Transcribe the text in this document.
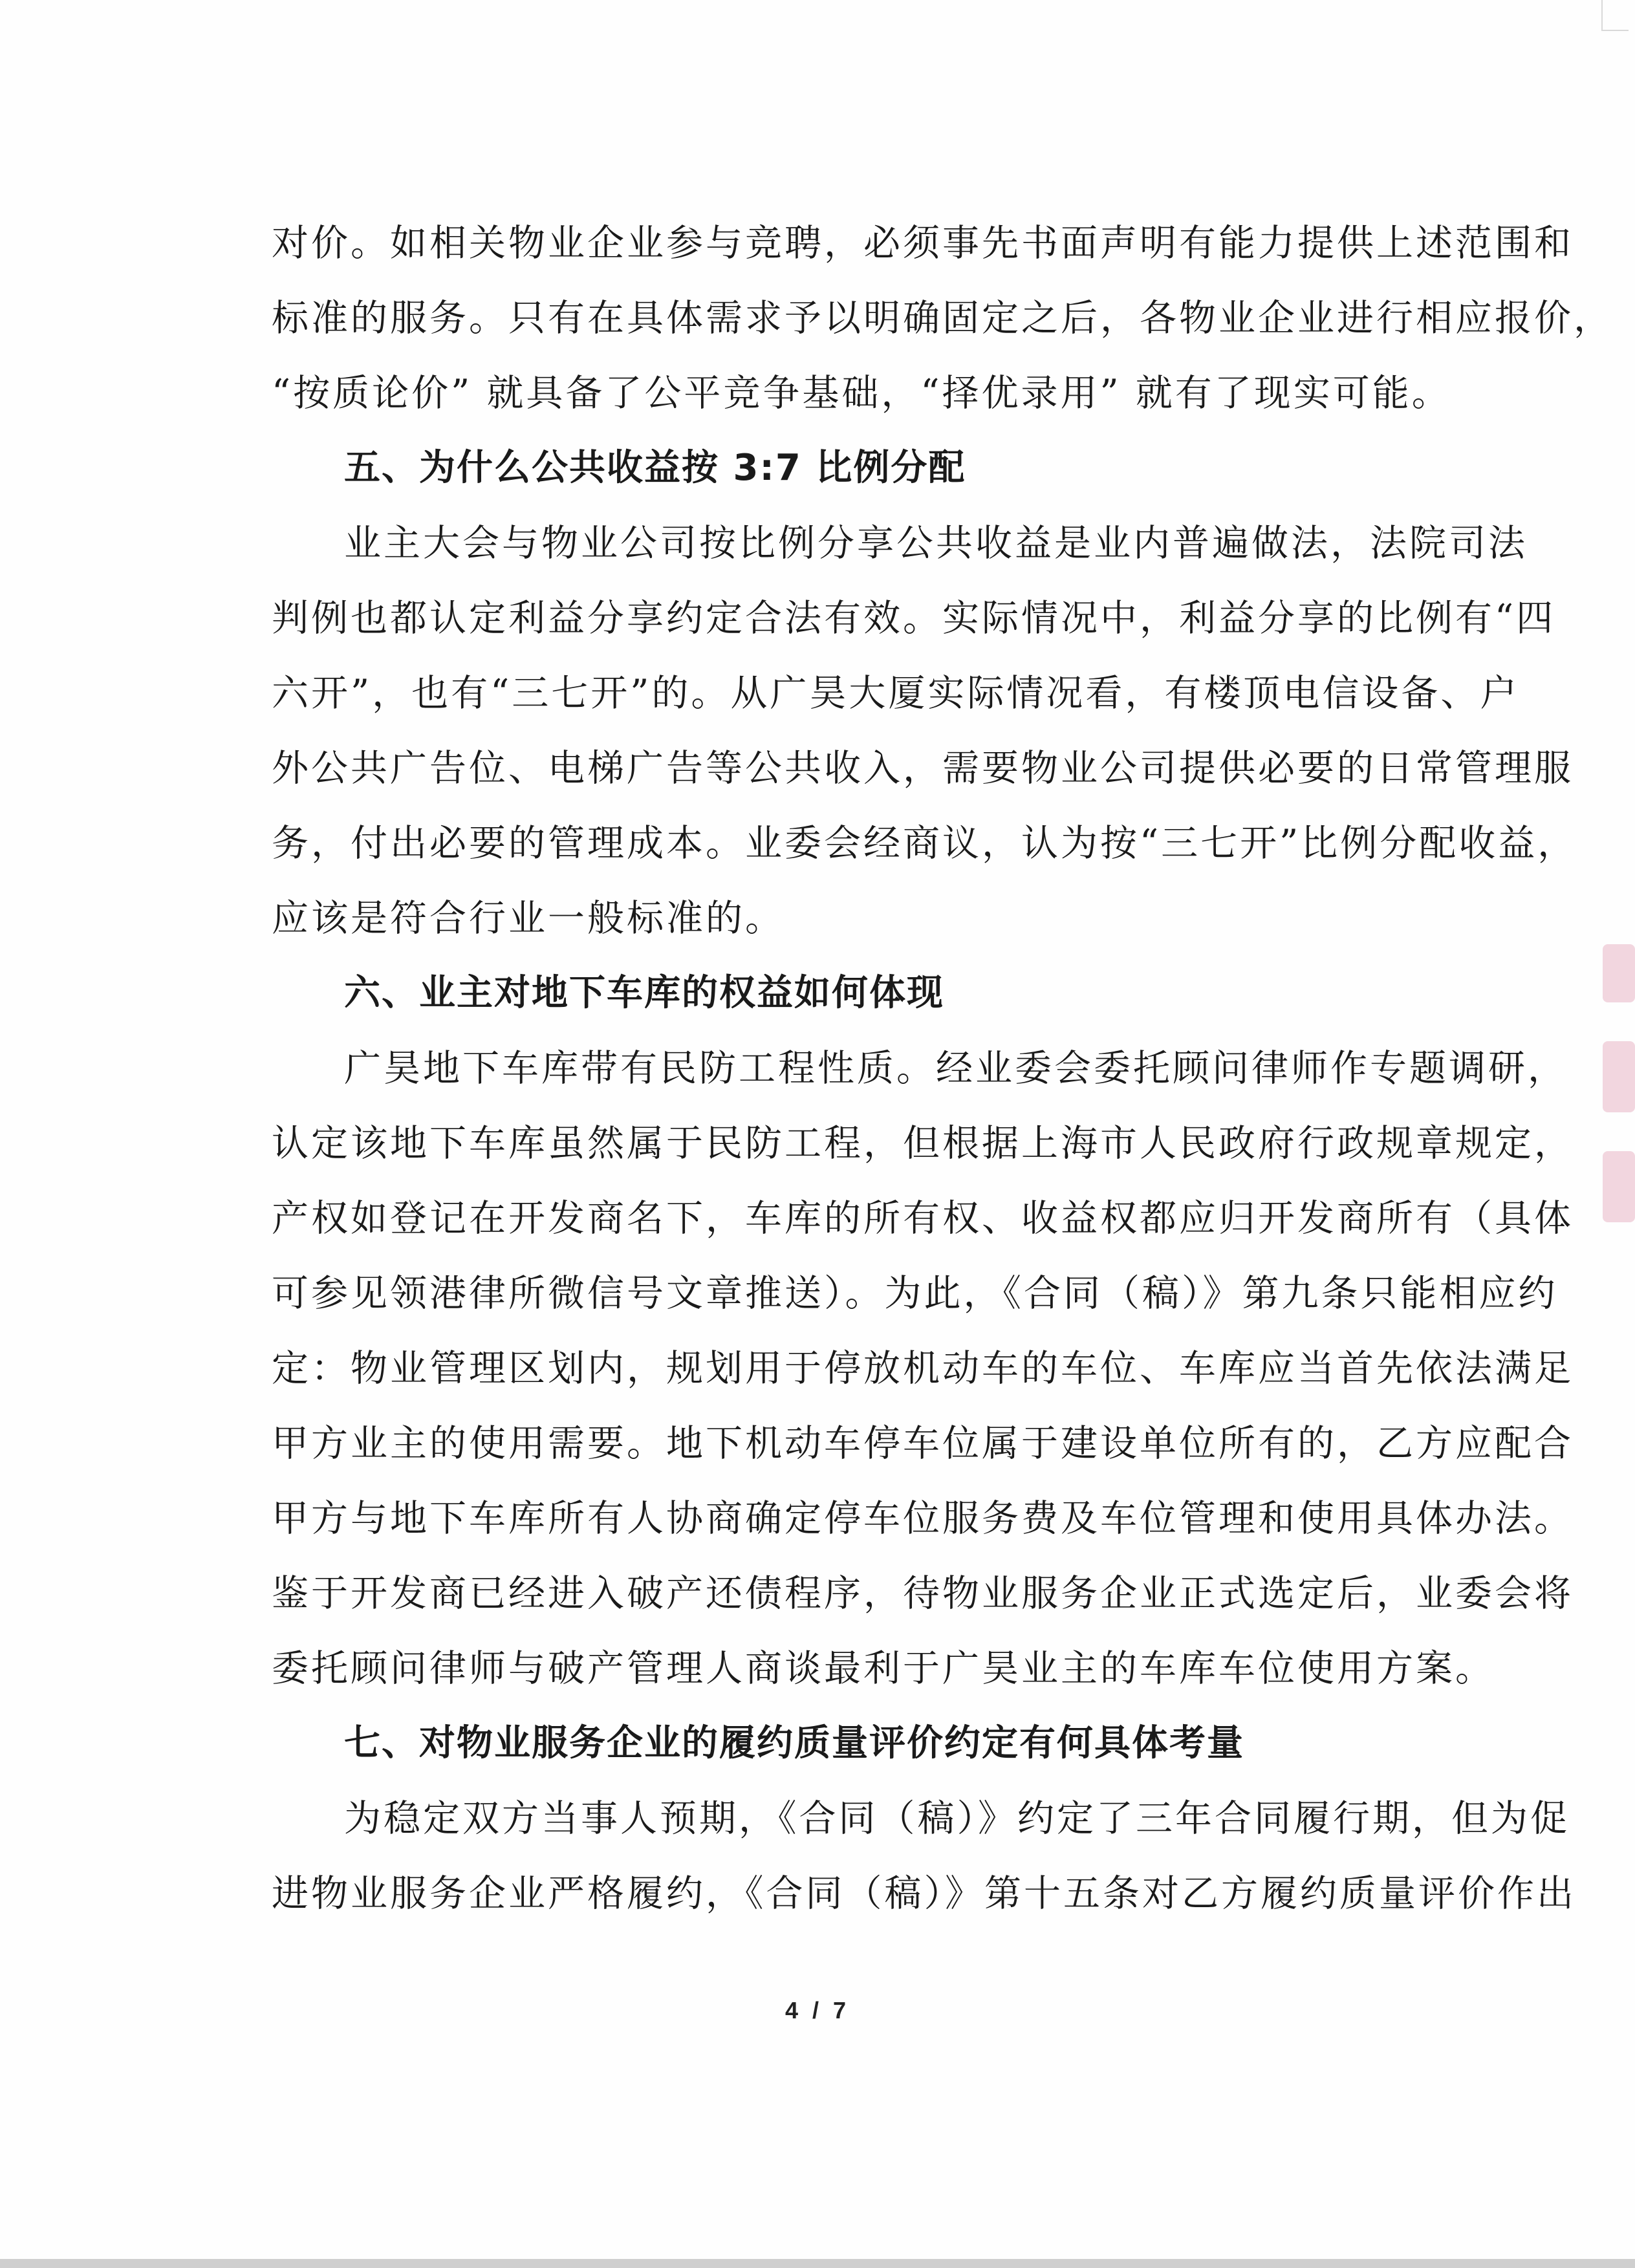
对价。如相关物业企业参与竞聘，必须事先书面声明有能力提供上述范围和
标准的服务。只有在具体需求予以明确固定之后，各物业企业进行相应报价，
“按质论价” 就具备了公平竞争基础，“择优录用” 就有了现实可能。
五、为什么公共收益按 3:7 比例分配
业主大会与物业公司按比例分享公共收益是业内普遍做法，法院司法
判例也都认定利益分享约定合法有效。实际情况中，利益分享的比例有“四
六开”，也有“三七开”的。从广昊大厦实际情况看，有楼顶电信设备、户
外公共广告位、电梯广告等公共收入，需要物业公司提供必要的日常管理服
务，付出必要的管理成本。业委会经商议，认为按“三七开”比例分配收益，
应该是符合行业一般标准的。
六、业主对地下车库的权益如何体现
广昊地下车库带有民防工程性质。经业委会委托顾问律师作专题调研，
认定该地下车库虽然属于民防工程，但根据上海市人民政府行政规章规定，
产权如登记在开发商名下，车库的所有权、收益权都应归开发商所有（具体
可参见领港律所微信号文章推送）。为此，《合同（稿）》第九条只能相应约
定：物业管理区划内，规划用于停放机动车的车位、车库应当首先依法满足
甲方业主的使用需要。地下机动车停车位属于建设单位所有的，乙方应配合
甲方与地下车库所有人协商确定停车位服务费及车位管理和使用具体办法。
鉴于开发商已经进入破产还债程序，待物业服务企业正式选定后，业委会将
委托顾问律师与破产管理人商谈最利于广昊业主的车库车位使用方案。
七、对物业服务企业的履约质量评价约定有何具体考量
为稳定双方当事人预期，《合同（稿）》约定了三年合同履行期，但为促
进物业服务企业严格履约，《合同（稿）》第十五条对乙方履约质量评价作出
4 / 7
